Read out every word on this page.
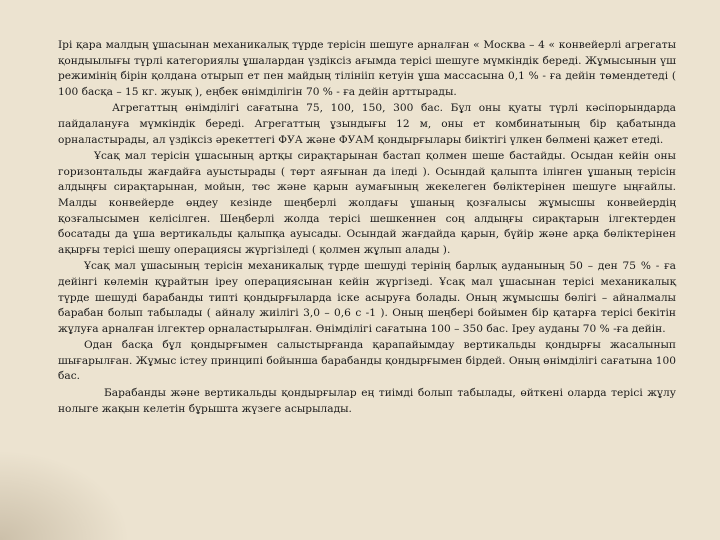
Ірі қара малдың ұшасынан механикалық түрде терісін шешуге арналған « Москва – 4 « конвейерлі агрегаты қондыылығы түрлі категориялы ұшалардан үздіксіз ағымда терісі шешуге мүмкіндік береді. Жұмысынын үш режимінің бірін қолдана отырып ет пен майдың тілінііп кетуін ұша массасына 0,1 % - ға дейін төмендетеді ( 100 басқа – 15 кг. жуық ), еңбек өнімділігін 70 % - ға дейін арттырады.

Агрегаттың өнімділігі сағатына 75, 100, 150, 300 бас. Бұл оны қуаты түрлі кәсіпорындарда пайдалануға мүмкіндік береді. Агрегаттың ұзындығы 12 м, оны ет комбинатының бір қабатында орналастырады, ал үздіксіз әрекеттегі ФУА және ФУАМ қондырғылары биіктігі үлкен бөлмені қажет етеді.

Ұсақ мал терісін ұшасының артқы сирақтарынан бастап қолмен шеше бастайды. Осыдан кейін оны горизонтальды жағдайға ауыстырады ( төрт аяғынан да іледі ). Осындай қалыпта ілінген ұшаның терісін алдыңғы сирақтарынан, мойын, төс және қарын аумағының жекелеген бөліктерінен шешуге ыңғайлы. Малды конвейерде өңдеу кезінде шеңберлі жолдағы ұшаның қозғалысы жұмысшы конвейердің қозғалысымен келісілген. Шеңберлі жолда терісі шешкеннен соң алдыңғы сирақтарын ілгектерден босатады да ұша вертикальды қалыпқа ауысады. Осындай жағдайда қарын, бүйір және арқа бөліктерінен ақырғы терісі шешу операциясы жүргізіледі ( қолмен жұлып алады ).

Ұсақ мал ұшасының терісін механикалық түрде шешуді терінің барлық ауданының 50 – ден 75 % - ға дейінгі көлемін құрайтын іреу операциясынан кейін жүргізеді. Ұсақ мал ұшасынан терісі механикалық түрде шешуді барабанды типті қондырғыларда іске асыруға болады. Оның жұмысшы бөлігі – айналмалы барабан болып табылады ( айналу жиілігі 3,0 – 0,6 с -1 ). Оның шеңбері бойымен бір қатарға терісі бекітін жұлуға арналған ілгектер орналастырылған. Өнімділігі сағатына 100 – 350 бас. Іреу ауданы 70 % -ға дейін.

Одан басқа бұл қондырғымен салыстырғанда қарапайымдау вертикальды қондырғы жасалынып шығарылған. Жұмыс істеу принципі бойынша барабанды қондырғымен бірдей. Оның өнімділігі сағатына 100 бас.

Барабанды және вертикальды қондырғылар ең тиімді болып табылады, өйткені оларда терісі жұлу нолыге жақын келетін бұрышта жүзеге асырылады.
